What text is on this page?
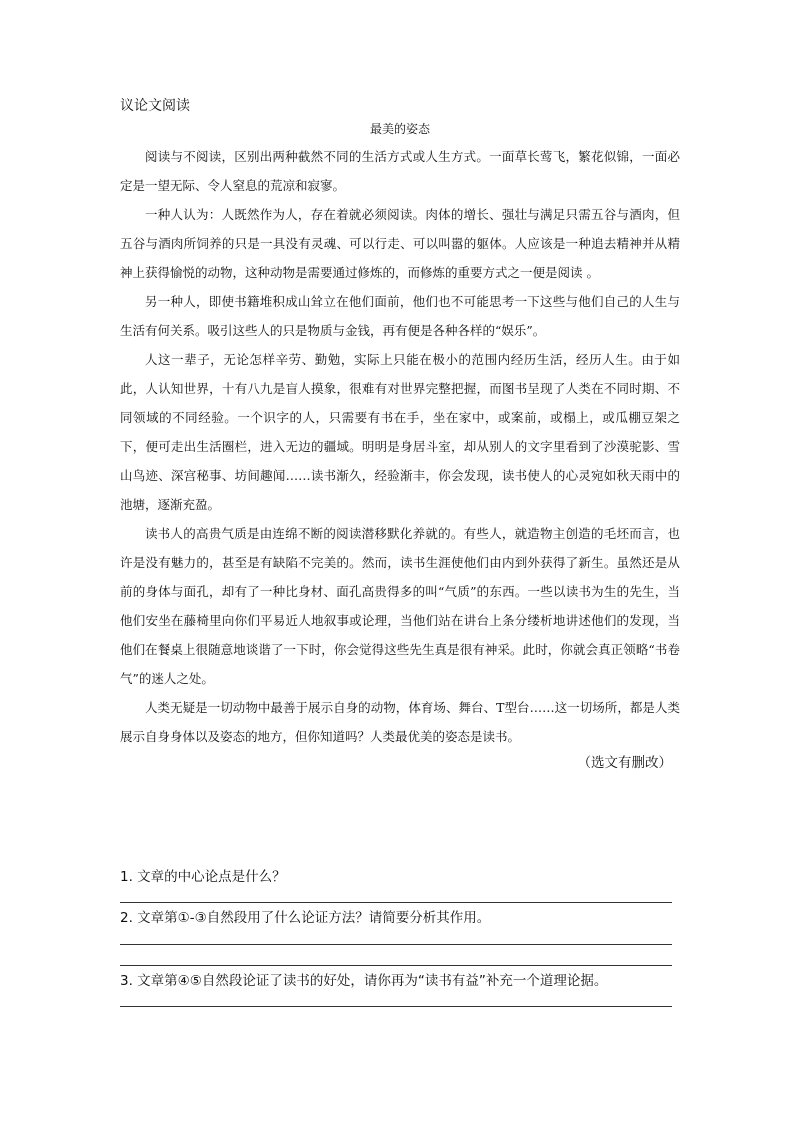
议论文阅读
最美的姿态

阅读与不阅读，区别出两种截然不同的生活方式或人生方式。一面草长莺飞，繁花似锦，一面必定是一望无际、令人窒息的荒凉和寂寥。

一种人认为：人既然作为人，存在着就必须阅读。肉体的增长、强壮与满足只需五谷与酒肉，但五谷与酒肉所饲养的只是一具没有灵魂、可以行走、可以叫嚣的躯体。人应该是一种追去精神并从精神上获得愉悦的动物，这种动物是需要通过修炼的，而修炼的重要方式之一便是阅读 。

另一种人，即使书籍堆积成山耸立在他们面前，他们也不可能思考一下这些与他们自己的人生与生活有何关系。吸引这些人的只是物质与金钱，再有便是各种各样的“娱乐”。

人这一辈子，无论怎样辛劳、勤勉，实际上只能在极小的范围内经历生活，经历人生。由于如此，人认知世界，十有八九是盲人摸象，很难有对世界完整把握，而图书呈现了人类在不同时期、不同领域的不同经验。一个识字的人，只需要有书在手，坐在家中，或案前，或榻上，或瓜棚豆架之下，便可走出生活圈栏，进入无边的疆域。明明是身居斗室，却从别人的文字里看到了沙漠驼影、雪山鸟迹、深宫秘事、坊间趣闻……读书渐久，经验渐丰，你会发现，读书使人的心灵宛如秋天雨中的池塘，逐渐充盈。

读书人的高贵气质是由连绵不断的阅读潜移默化养就的。有些人，就造物主创造的毛坯而言，也许是没有魅力的，甚至是有缺陷不完美的。然而，读书生涯使他们由内到外获得了新生。虽然还是从前的身体与面孔，却有了一种比身材、面孔高贵得多的叫“气质”的东西。一些以读书为生的先生，当他们安坐在藤椅里向你们平易近人地叙事或论理，当他们站在讲台上条分缕析地讲述他们的发现，当他们在餐桌上很随意地谈谐了一下时，你会觉得这些先生真是很有神采。此时，你就会真正领略“书卷气”的迷人之处。

人类无疑是一切动物中最善于展示自身的动物，体育场、舞台、T型台……这一切场所，都是人类展示自身身体以及姿态的地方，但你知道吗？人类最优美的姿态是读书。

（选文有删改）
1. 文章的中心论点是什么？
2. 文章第①-③自然段用了什么论证方法？请简要分析其作用。
3. 文章第④⑤自然段论证了读书的好处，请你再为“读书有益”补充一个道理论据。
